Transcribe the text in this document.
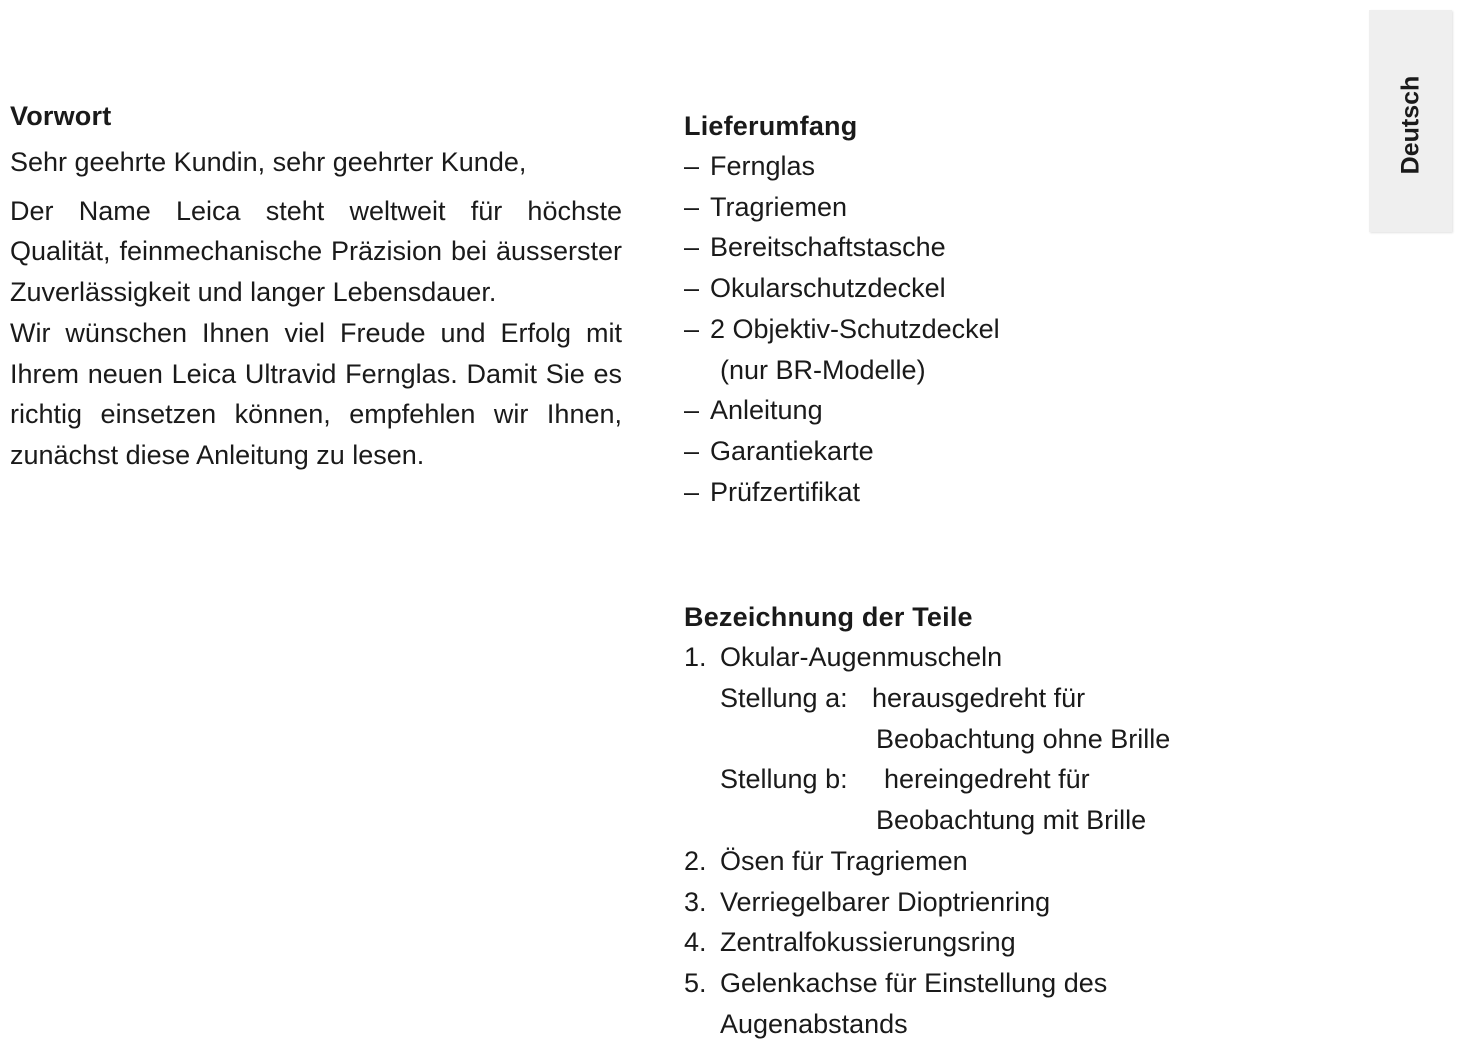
Deutsch
Vorwort

Sehr geehrte Kundin, sehr geehrter Kunde,

Der Name Leica steht weltweit für höchste Qualität, feinmechanische Präzision bei äusserster Zuverlässigkeit und langer Lebensdauer.

Wir wünschen Ihnen viel Freude und Erfolg mit Ihrem neuen Leica Ultravid Fernglas. Damit Sie es richtig einsetzen können, empfehlen wir Ihnen, zunächst diese Anleitung zu lesen.

Lieferumfang
– Fernglas
– Tragriemen
– Bereitschaftstasche
– Okularschutzdeckel
– 2 Objektiv-Schutzdeckel
(nur BR-Modelle)
– Anleitung
– Garantiekarte
– Prüfzertifikat
Bezeichnung der Teile
1. Okular-Augenmuscheln
Stellung a: herausgedreht für
Beobachtung ohne Brille
Stellung b:	hereingedreht für
Beobachtung mit Brille
2. Ösen für Tragriemen
3. Verriegelbarer Dioptrienring
4. Zentralfokussierungsring
5. Gelenkachse für Einstellung des
Augenabstands
